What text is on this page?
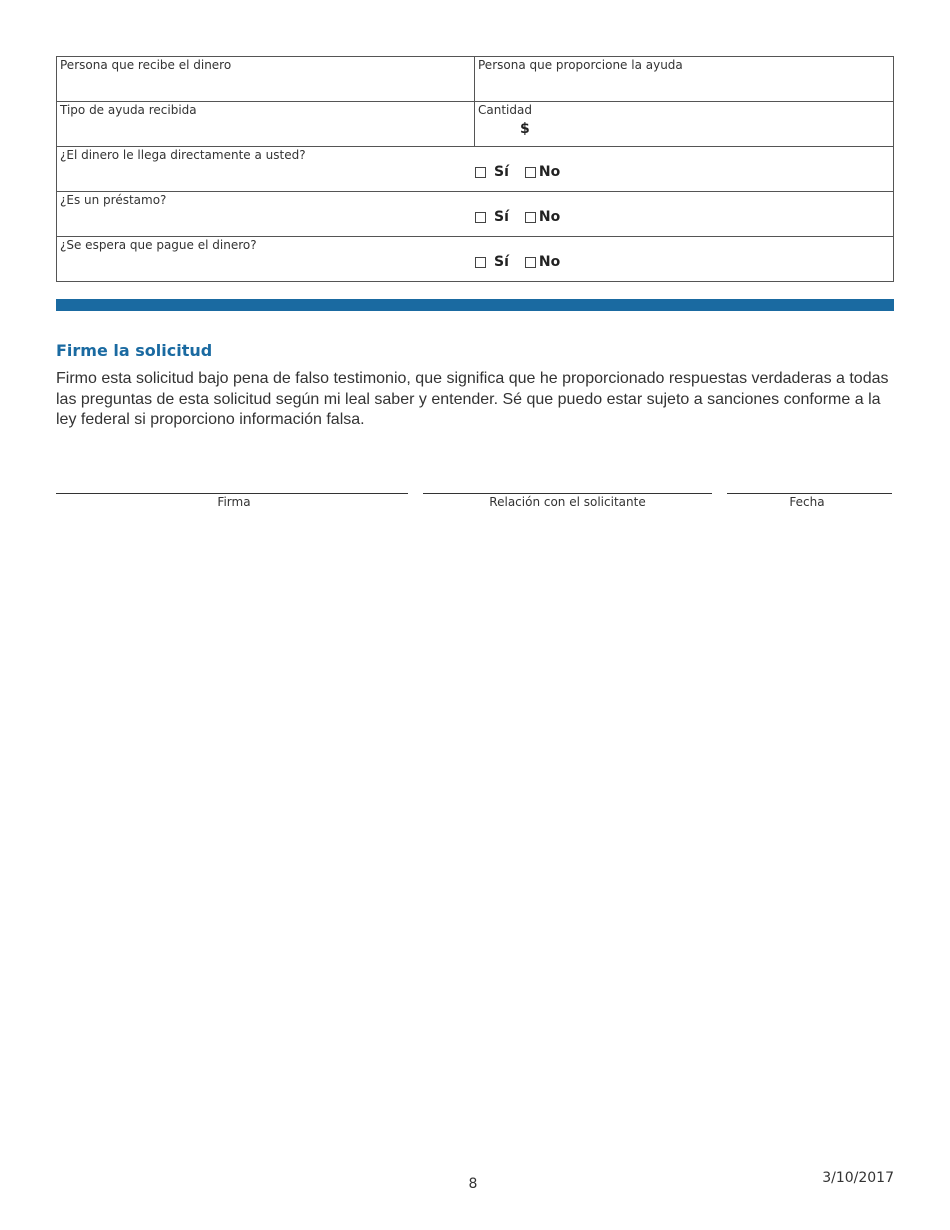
Persona que recibe el dinero	Persona que proporcione la ayuda
Tipo de ayuda recibida	Cantidad
$
¿El dinero le llega directamente a usted?
Sí No
¿Es un préstamo?
Sí No
¿Se espera que pague el dinero?
Sí No
Firme la solicitud

Firmo esta solicitud bajo pena de falso testimonio, que significa que he proporcionado respuestas verdaderas a todas las preguntas de esta solicitud según mi leal saber y entender. Sé que puedo estar sujeto a sanciones conforme a la ley federal si proporciono información falsa.

Firma	Relación con el solicitante	Fecha
8	3/10/2017
